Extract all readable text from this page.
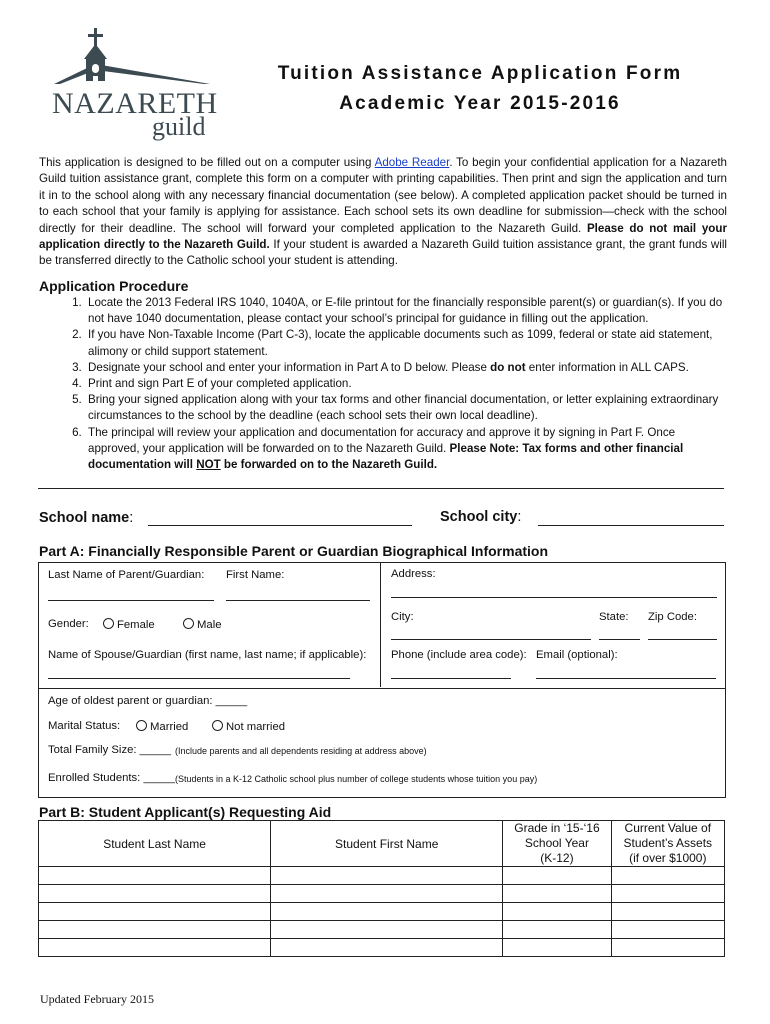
NAZARETH
guild
Tuition Assistance Application Form
Academic Year 2015-2016
This application is designed to be filled out on a computer using Adobe Reader. To begin your confidential application for a Nazareth Guild tuition assistance grant, complete this form on a computer with printing capabilities. Then print and sign the application and turn it in to the school along with any necessary financial documentation (see below). A completed application packet should be turned in to each school that your family is applying for assistance. Each school sets its own deadline for submission—check with the school directly for their deadline. The school will forward your completed application to the Nazareth Guild. Please do not mail your application directly to the Nazareth Guild. If your student is awarded a Nazareth Guild tuition assistance grant, the grant funds will be transferred directly to the Catholic school your student is attending.
Application Procedure
1. Locate the 2013 Federal IRS 1040, 1040A, or E-file printout for the financially responsible parent(s) or guardian(s). If you do not have 1040 documentation, please contact your school’s principal for guidance in filling out the application.
2. If you have Non-Taxable Income (Part C-3), locate the applicable documents such as 1099, federal or state aid statement, alimony or child support statement.
3. Designate your school and enter your information in Part A to D below. Please do not enter information in ALL CAPS.
4. Print and sign Part E of your completed application.
5. Bring your signed application along with your tax forms and other financial documentation, or letter explaining extraordinary circumstances to the school by the deadline (each school sets their own local deadline).
6. The principal will review your application and documentation for accuracy and approve it by signing in Part F. Once approved, your application will be forwarded on to the Nazareth Guild. Please Note: Tax forms and other financial documentation will NOT be forwarded on to the Nazareth Guild.
School name:	School city:
Part A: Financially Responsible Parent or Guardian Biographical Information
Last Name of Parent/Guardian: First Name:
Gender:	Female	Male
Name of Spouse/Guardian (first name, last name; if applicable):
Address:
City:	State: Zip Code:
Phone (include area code): Email (optional):
Age of oldest parent or guardian: _____
Marital Status:	Married	Not married
Total Family Size: _____ (Include parents and all dependents residing at address above)
Enrolled Students: _____ (Students in a K-12 Catholic school plus number of college students whose tuition you pay)
Part B: Student Applicant(s) Requesting Aid
Student Last Name	Student First Name	Grade in ‘15-‘16
School Year
(K-12)	Current Value of
Student’s Assets
(if over $1000)

Updated February 2015
